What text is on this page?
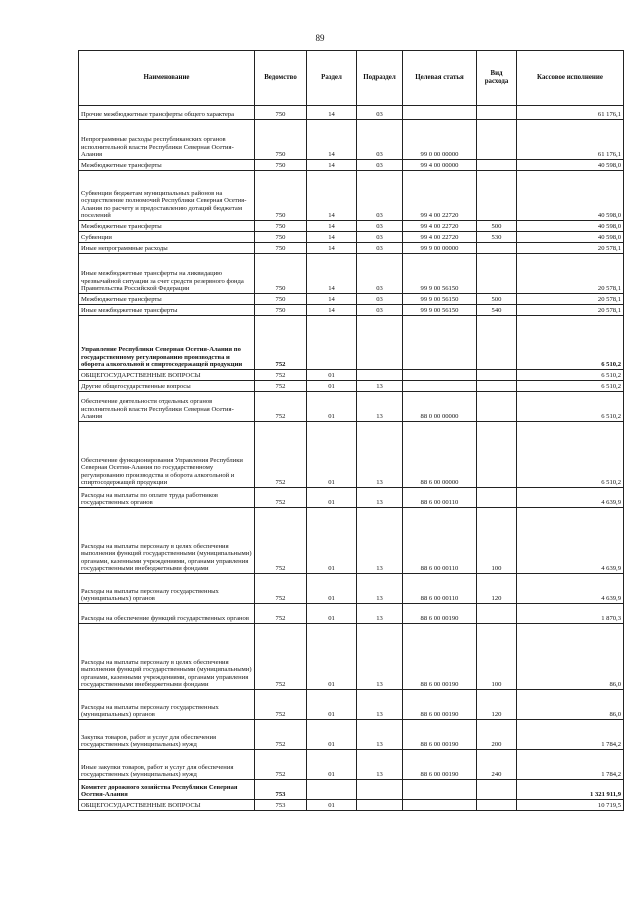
89
Наименование	Ведомство	Раздел	Подраздел	Целевая статья	Вид расхода	Кассовое исполнение
Прочие межбюджетные трансферты общего характера	750	14	03			61 176,1
Непрограммные расходы республиканских органов исполнительной власти Республики Северная Осетия-Алания	750	14	03	99 0 00 00000		61 176,1
Межбюджетные трансферты	750	14	03	99 4 00 00000		40 598,0
Субвенции бюджетам муниципальных районов на осуществление полномочий Республики Северная Осетия-Алания по расчету и предоставлению дотаций бюджетам поселений	750	14	03	99 4 00 22720		40 598,0
Межбюджетные трансферты	750	14	03	99 4 00 22720	500	40 598,0
Субвенции	750	14	03	99 4 00 22720	530	40 598,0
Иные непрограммные расходы	750	14	03	99 9 00 00000		20 578,1
Иные межбюджетные трансферты на ликвидацию чрезвычайной ситуации за счет средств резервного фонда Правительства Российской Федерации	750	14	03	99 9 00 56150		20 578,1
Межбюджетные трансферты	750	14	03	99 9 00 56150	500	20 578,1
Иные межбюджетные трансферты	750	14	03	99 9 00 56150	540	20 578,1
Управление Республики Северная Осетия-Алания по государственному регулированию производства и оборота алкогольной и спиртосодержащей продукции	752					6 510,2
ОБЩЕГОСУДАРСТВЕННЫЕ ВОПРОСЫ	752	01				6 510,2
Другие общегосударственные вопросы	752	01	13			6 510,2
Обеспечение деятельности отдельных органов исполнительной власти Республики Северная Осетия-Алания	752	01	13	88 0 00 00000		6 510,2
Обеспечение функционирования Управления Республики Северная Осетия-Алания по государственному регулированию производства и оборота алкогольной и спиртосодержащей продукции	752	01	13	88 6 00 00000		6 510,2
Расходы на выплаты по оплате труда работников государственных органов	752	01	13	88 6 00 00110		4 639,9
Расходы на выплаты персоналу в целях обеспечения выполнения функций государственными (муниципальными) органами, казенными учреждениями, органами управления государственными внебюджетными фондами	752	01	13	88 6 00 00110	100	4 639,9
Расходы на выплаты персоналу государственных (муниципальных) органов	752	01	13	88 6 00 00110	120	4 639,9
Расходы на обеспечение функций государственных органов	752	01	13	88 6 00 00190		1 870,3
Расходы на выплаты персоналу в целях обеспечения выполнения функций государственными (муниципальными) органами, казенными учреждениями, органами управления государственными внебюджетными фондами	752	01	13	88 6 00 00190	100	86,0
Расходы на выплаты персоналу государственных (муниципальных) органов	752	01	13	88 6 00 00190	120	86,0
Закупка товаров, работ и услуг для обеспечения государственных (муниципальных) нужд	752	01	13	88 6 00 00190	200	1 784,2
Иные закупки товаров, работ и услуг для обеспечения государственных (муниципальных) нужд	752	01	13	88 6 00 00190	240	1 784,2
Комитет дорожного хозяйства Республики Северная Осетия-Алания	753					1 321 911,9
ОБЩЕГОСУДАРСТВЕННЫЕ ВОПРОСЫ	753	01				10 719,5
